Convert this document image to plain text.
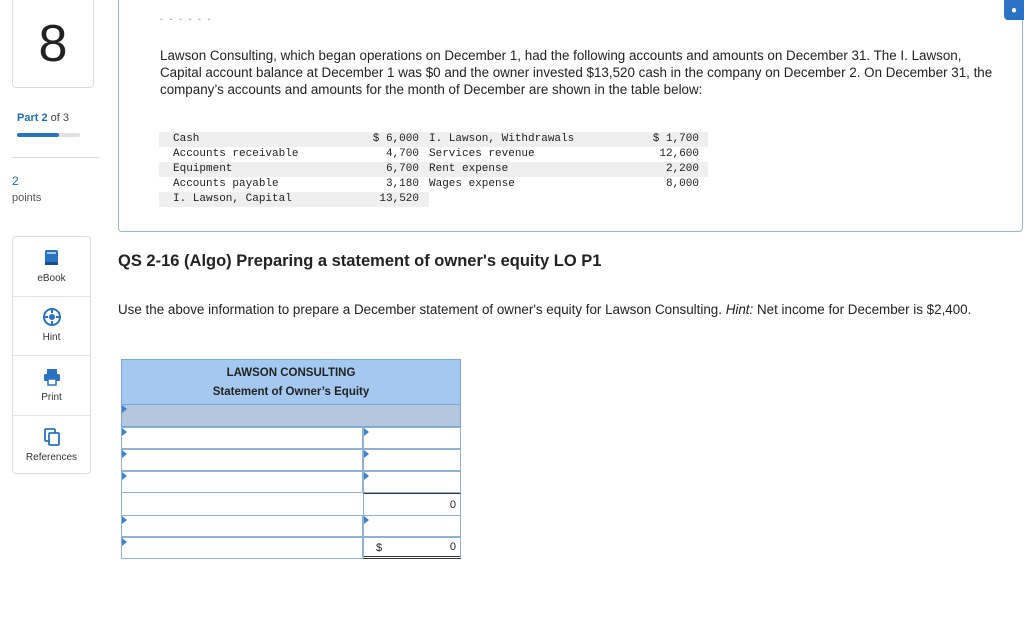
8
Part 2 of 3
2
points
eBook
Hint
Print
References
- - - - - -
Lawson Consulting, which began operations on December 1, had the following accounts and amounts on December 31. The I. Lawson, Capital account balance at December 1 was $0 and the owner invested $13,520 cash in the company on December 2. On December 31, the company’s accounts and amounts for the month of December are shown in the table below:
Cash	$ 6,000 I. Lawson, Withdrawals	$ 1,700
Accounts receivable	4,700 Services revenue	12,600
Equipment	6,700 Rent expense	2,200
Accounts payable	3,180 Wages expense	8,000
I. Lawson, Capital	13,520
QS 2-16 (Algo) Preparing a statement of owner's equity LO P1
Use the above information to prepare a December statement of owner's equity for Lawson Consulting. Hint: Net income for December is $2,400.
LAWSON CONSULTING
Statement of Owner’s Equity
0
$	0
●
